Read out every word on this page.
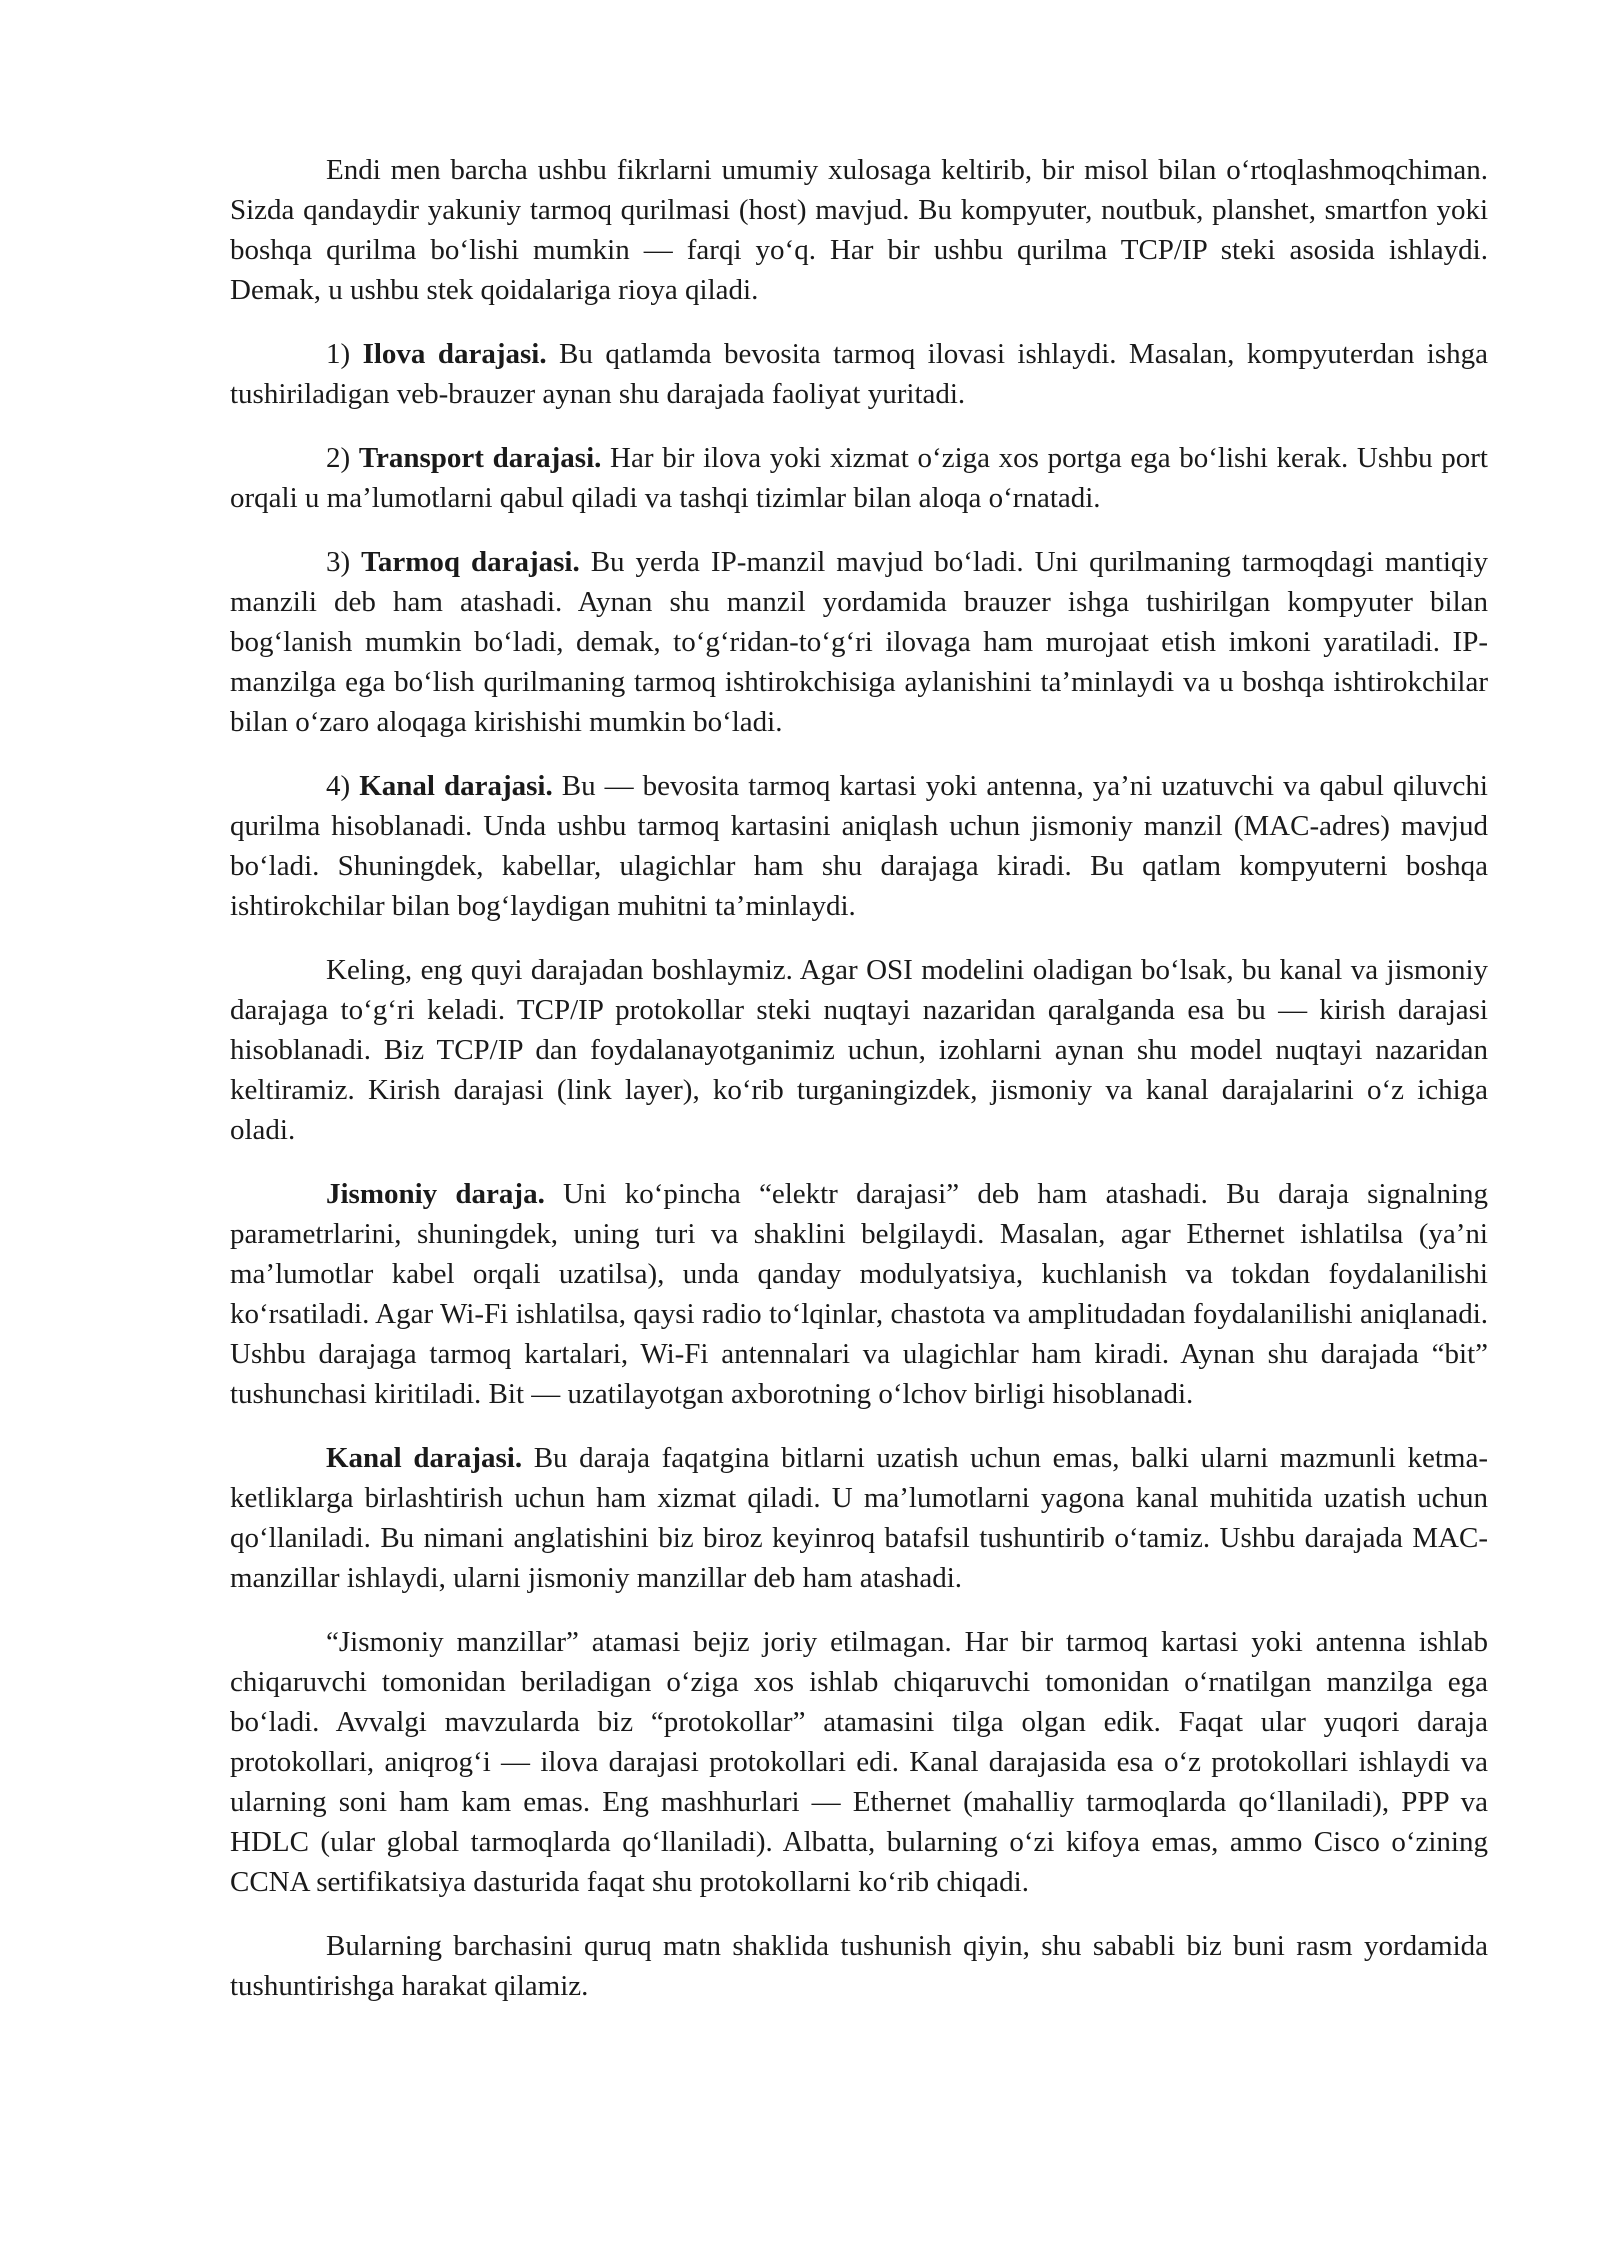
Endi men barcha ushbu fikrlarni umumiy xulosaga keltirib, bir misol bilan o‘rtoqlashmoqchiman. Sizda qandaydir yakuniy tarmoq qurilmasi (host) mavjud. Bu kompyuter, noutbuk, planshet, smartfon yoki boshqa qurilma bo‘lishi mumkin — farqi yo‘q. Har bir ushbu qurilma TCP/IP steki asosida ishlaydi. Demak, u ushbu stek qoidalariga rioya qiladi.

1) Ilova darajasi. Bu qatlamda bevosita tarmoq ilovasi ishlaydi. Masalan, kompyuterdan ishga tushiriladigan veb-brauzer aynan shu darajada faoliyat yuritadi.

2) Transport darajasi. Har bir ilova yoki xizmat o‘ziga xos portga ega bo‘lishi kerak. Ushbu port orqali u ma’lumotlarni qabul qiladi va tashqi tizimlar bilan aloqa o‘rnatadi.

3) Tarmoq darajasi. Bu yerda IP-manzil mavjud bo‘ladi. Uni qurilmaning tarmoqdagi mantiqiy manzili deb ham atashadi. Aynan shu manzil yordamida brauzer ishga tushirilgan kompyuter bilan bog‘lanish mumkin bo‘ladi, demak, to‘g‘ridan-to‘g‘ri ilovaga ham murojaat etish imkoni yaratiladi. IP-manzilga ega bo‘lish qurilmaning tarmoq ishtirokchisiga aylanishini ta’minlaydi va u boshqa ishtirokchilar bilan o‘zaro aloqaga kirishishi mumkin bo‘ladi.

4) Kanal darajasi. Bu — bevosita tarmoq kartasi yoki antenna, ya’ni uzatuvchi va qabul qiluvchi qurilma hisoblanadi. Unda ushbu tarmoq kartasini aniqlash uchun jismoniy manzil (MAC-adres) mavjud bo‘ladi. Shuningdek, kabellar, ulagichlar ham shu darajaga kiradi. Bu qatlam kompyuterni boshqa ishtirokchilar bilan bog‘laydigan muhitni ta’minlaydi.

Keling, eng quyi darajadan boshlaymiz. Agar OSI modelini oladigan bo‘lsak, bu kanal va jismoniy darajaga to‘g‘ri keladi. TCP/IP protokollar steki nuqtayi nazaridan qaralganda esa bu — kirish darajasi hisoblanadi. Biz TCP/IP dan foydalanayotganimiz uchun, izohlarni aynan shu model nuqtayi nazaridan keltiramiz. Kirish darajasi (link layer), ko‘rib turganingizdek, jismoniy va kanal darajalarini o‘z ichiga oladi.

Jismoniy daraja. Uni ko‘pincha “elektr darajasi” deb ham atashadi. Bu daraja signalning parametrlarini, shuningdek, uning turi va shaklini belgilaydi. Masalan, agar Ethernet ishlatilsa (ya’ni ma’lumotlar kabel orqali uzatilsa), unda qanday modulyatsiya, kuchlanish va tokdan foydalanilishi ko‘rsatiladi. Agar Wi-Fi ishlatilsa, qaysi radio to‘lqinlar, chastota va amplitudadan foydalanilishi aniqlanadi. Ushbu darajaga tarmoq kartalari, Wi-Fi antennalari va ulagichlar ham kiradi. Aynan shu darajada “bit” tushunchasi kiritiladi. Bit — uzatilayotgan axborotning o‘lchov birligi hisoblanadi.

Kanal darajasi. Bu daraja faqatgina bitlarni uzatish uchun emas, balki ularni mazmunli ketma-ketliklarga birlashtirish uchun ham xizmat qiladi. U ma’lumotlarni yagona kanal muhitida uzatish uchun qo‘llaniladi. Bu nimani anglatishini biz biroz keyinroq batafsil tushuntirib o‘tamiz. Ushbu darajada MAC-manzillar ishlaydi, ularni jismoniy manzillar deb ham atashadi.

“Jismoniy manzillar” atamasi bejiz joriy etilmagan. Har bir tarmoq kartasi yoki antenna ishlab chiqaruvchi tomonidan beriladigan o‘ziga xos ishlab chiqaruvchi tomonidan o‘rnatilgan manzilga ega bo‘ladi. Avvalgi mavzularda biz “protokollar” atamasini tilga olgan edik. Faqat ular yuqori daraja protokollari, aniqrog‘i — ilova darajasi protokollari edi. Kanal darajasida esa o‘z protokollari ishlaydi va ularning soni ham kam emas. Eng mashhurlari — Ethernet (mahalliy tarmoqlarda qo‘llaniladi), PPP va HDLC (ular global tarmoqlarda qo‘llaniladi). Albatta, bularning o‘zi kifoya emas, ammo Cisco o‘zining CCNA sertifikatsiya dasturida faqat shu protokollarni ko‘rib chiqadi.

Bularning barchasini quruq matn shaklida tushunish qiyin, shu sababli biz buni rasm yordamida tushuntirishga harakat qilamiz.
